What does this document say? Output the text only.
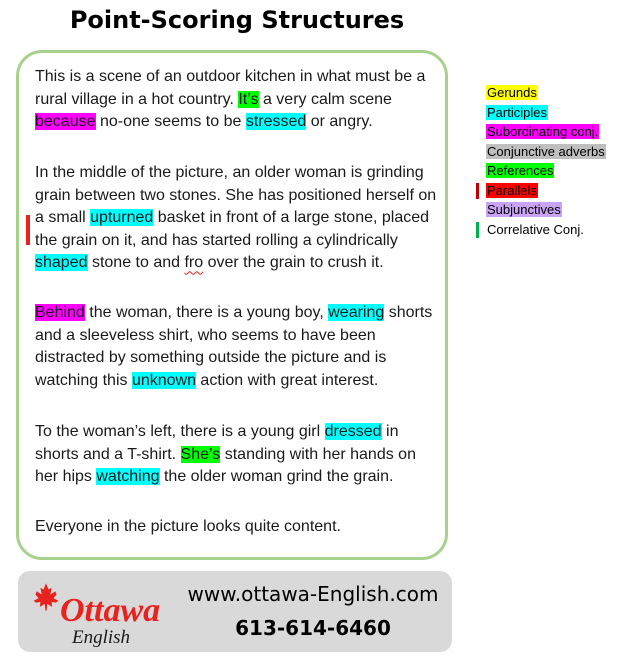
Point-Scoring Structures

This is a scene of an outdoor kitchen in what must be a rural village in a hot country. It’s a very calm scene because no-one seems to be stressed or angry.

In the middle of the picture, an older woman is grinding grain between two stones. She has positioned herself on a small upturned basket in front of a large stone, placed the grain on it, and has started rolling a cylindrically shaped stone to and fro over the grain to crush it.

Behind the woman, there is a young boy, wearing shorts and a sleeveless shirt, who seems to have been distracted by something outside the picture and is watching this unknown action with great interest.

To the woman’s left, there is a young girl dressed in shorts and a T-shirt. She’s standing with her hands on her hips watching the older woman grind the grain.

Everyone in the picture looks quite content.

Gerunds
Participles
Subordinating conj.
Conjunctive adverbs
References
Parallels
Subjunctives
Correlative Conj.
Ottawa
English
www.ottawa-English.com
613-614-6460
